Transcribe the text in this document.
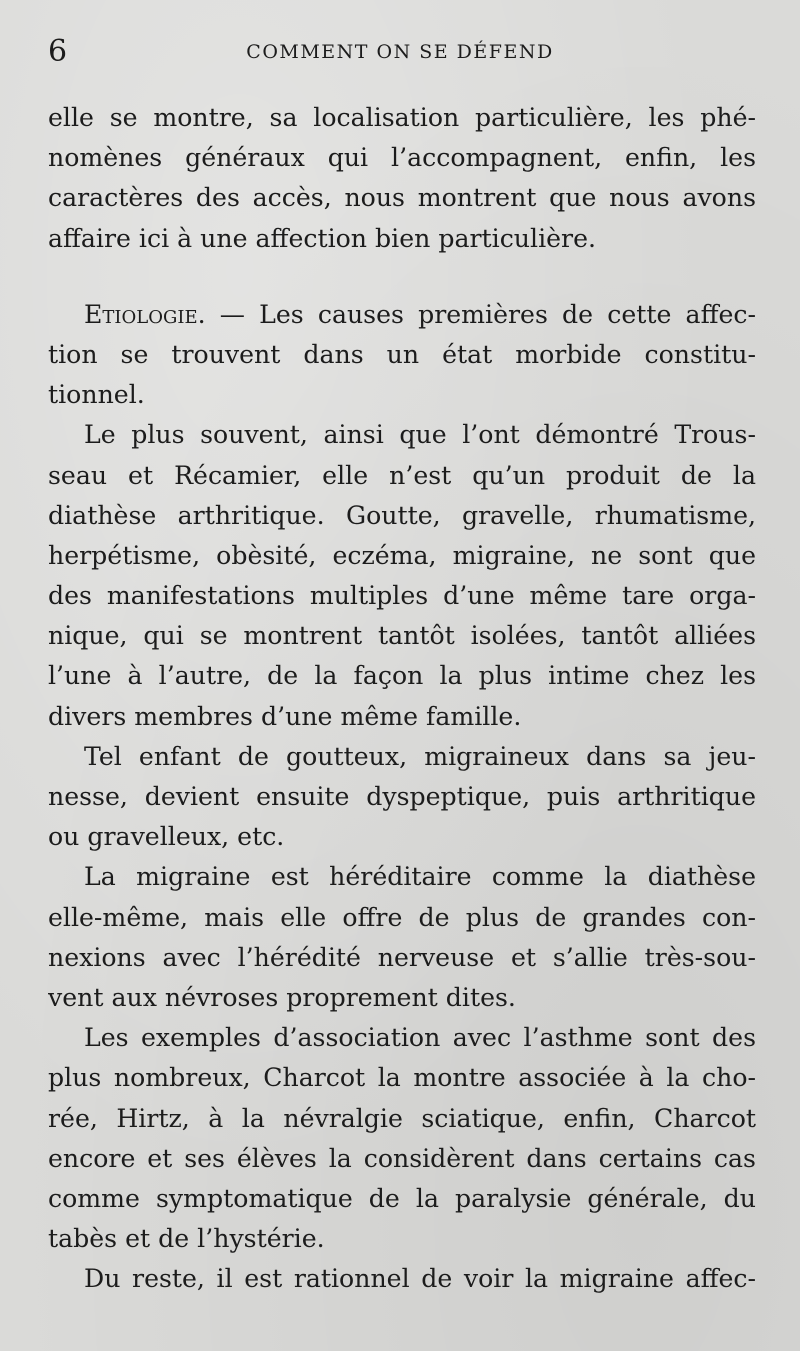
6	COMMENT ON SE DÉFEND
elle se montre, sa localisation particulière, les phé-
nomènes généraux qui l’accompagnent, enfin, les
caractères des accès, nous montrent que nous avons
affaire ici à une affection bien particulière.
Etiologie. — Les causes premières de cette affec-
tion se trouvent dans un état morbide constitu-
tionnel.
Le plus souvent, ainsi que l’ont démontré Trous-
seau et Récamier, elle n’est qu’un produit de la
diathèse arthritique. Goutte, gravelle, rhumatisme,
herpétisme, obèsité, eczéma, migraine, ne sont que
des manifestations multiples d’une même tare orga-
nique, qui se montrent tantôt isolées, tantôt alliées
l’une à l’autre, de la façon la plus intime chez les
divers membres d’une même famille.
Tel enfant de goutteux, migraineux dans sa jeu-
nesse, devient ensuite dyspeptique, puis arthritique
ou gravelleux, etc.
La migraine est héréditaire comme la diathèse
elle-même, mais elle offre de plus de grandes con-
nexions avec l’hérédité nerveuse et s’allie très-sou-
vent aux névroses proprement dites.
Les exemples d’association avec l’asthme sont des
plus nombreux, Charcot la montre associée à la cho-
rée, Hirtz, à la névralgie sciatique, enfin, Charcot
encore et ses élèves la considèrent dans certains cas
comme symptomatique de la paralysie générale, du
tabès et de l’hystérie.
Du reste, il est rationnel de voir la migraine affec-
